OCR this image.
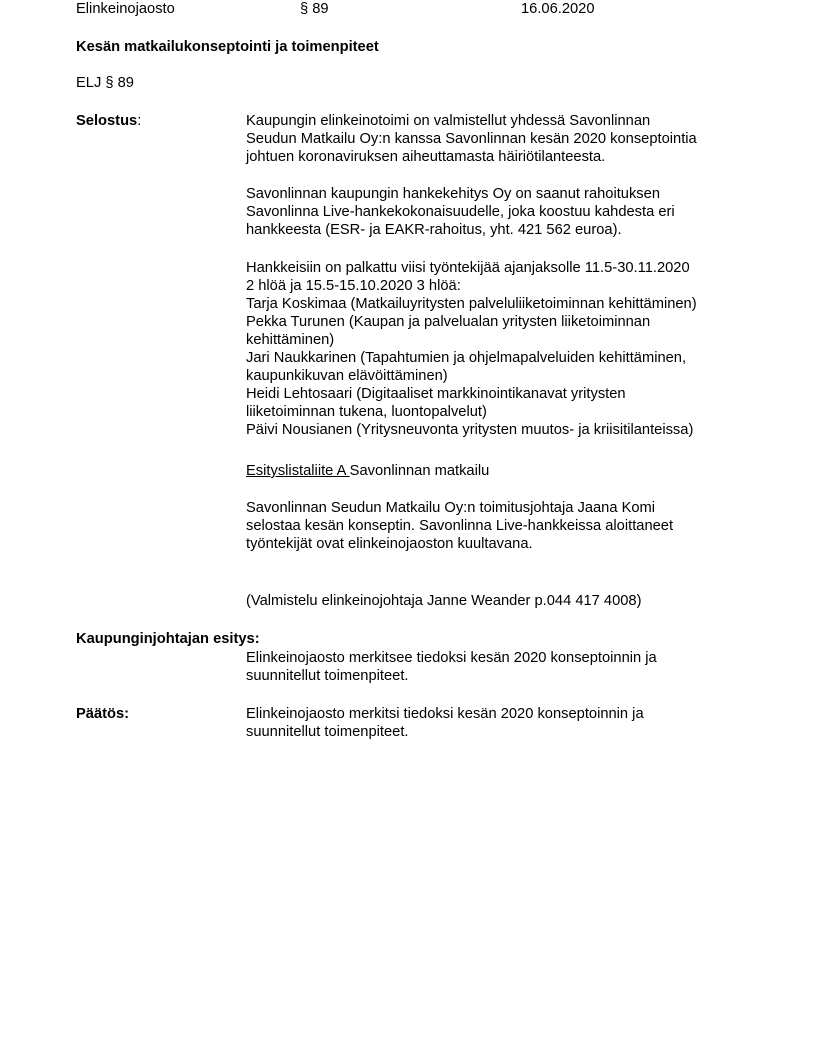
Elinkeinojaosto	§ 89	16.06.2020
Kesän matkailukonseptointi ja toimenpiteet
ELJ § 89
Selostus:	Kaupungin elinkeinotoimi on valmistellut yhdessä Savonlinnan
Seudun Matkailu Oy:n kanssa Savonlinnan kesän 2020 konseptointia
johtuen koronaviruksen aiheuttamasta häiriötilanteesta.
Savonlinnan kaupungin hankekehitys Oy on saanut rahoituksen
Savonlinna Live-hankekokonaisuudelle, joka koostuu kahdesta eri
hankkeesta (ESR- ja EAKR-rahoitus, yht. 421 562 euroa).
Hankkeisiin on palkattu viisi työntekijää ajanjaksolle 11.5-30.11.2020
2 hlöä ja 15.5-15.10.2020 3 hlöä:
Tarja Koskimaa (Matkailuyritysten palveluliiketoiminnan kehittäminen)
Pekka Turunen (Kaupan ja palvelualan yritysten liiketoiminnan
kehittäminen)
Jari Naukkarinen (Tapahtumien ja ohjelmapalveluiden kehittäminen,
kaupunkikuvan elävöittäminen)
Heidi Lehtosaari (Digitaaliset markkinointikanavat yritysten
liiketoiminnan tukena, luontopalvelut)
Päivi Nousianen (Yritysneuvonta yritysten muutos- ja kriisitilanteissa)
Esityslistaliite A Savonlinnan matkailu
Savonlinnan Seudun Matkailu Oy:n toimitusjohtaja Jaana Komi
selostaa kesän konseptin. Savonlinna Live-hankkeissa aloittaneet
työntekijät ovat elinkeinojaoston kuultavana.
(Valmistelu elinkeinojohtaja Janne Weander p.044 417 4008)
Kaupunginjohtajan esitys:
Elinkeinojaosto merkitsee tiedoksi kesän 2020 konseptoinnin ja
suunnitellut toimenpiteet.
Päätös:	Elinkeinojaosto merkitsi tiedoksi kesän 2020 konseptoinnin ja
suunnitellut toimenpiteet.
